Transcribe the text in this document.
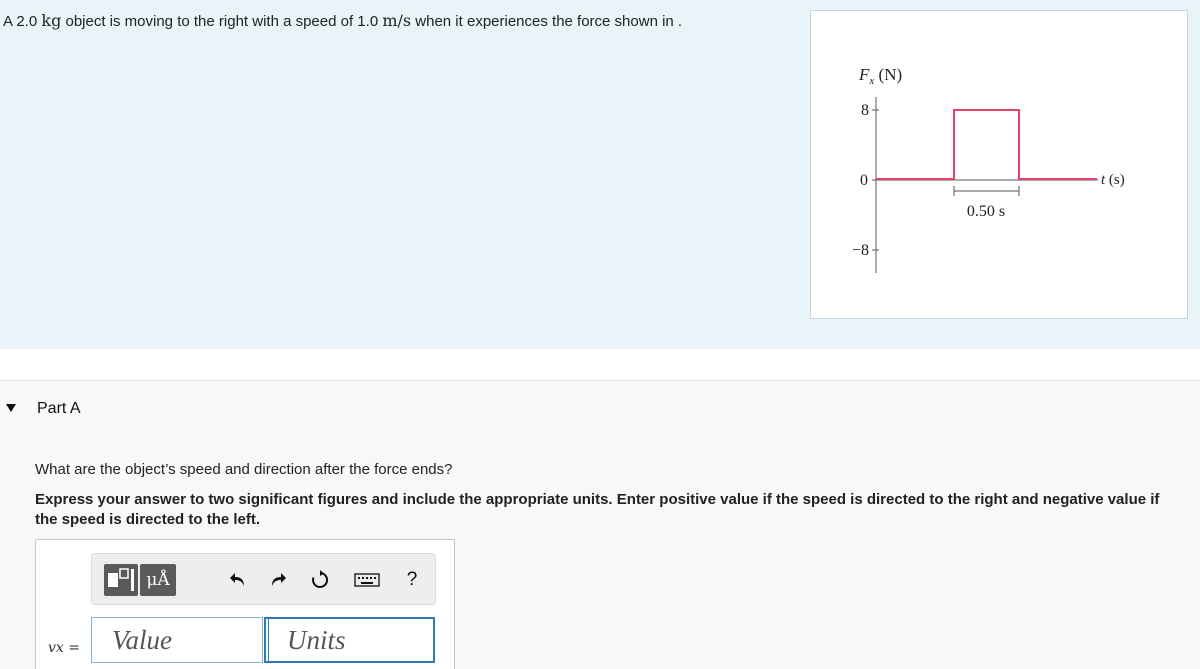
A 2.0 kg object is moving to the right with a speed of 1.0 m/s when it experiences the force shown in .
$F_x$ (N)
8
0
−8
t (s)
0.50 s
Part A
What are the object’s speed and direction after the force ends?
Express your answer to two significant figures and include the appropriate units. Enter positive value if the speed is directed to the right and negative value if the speed is directed to the left.
μÅ	?
vx =
Value
Units
